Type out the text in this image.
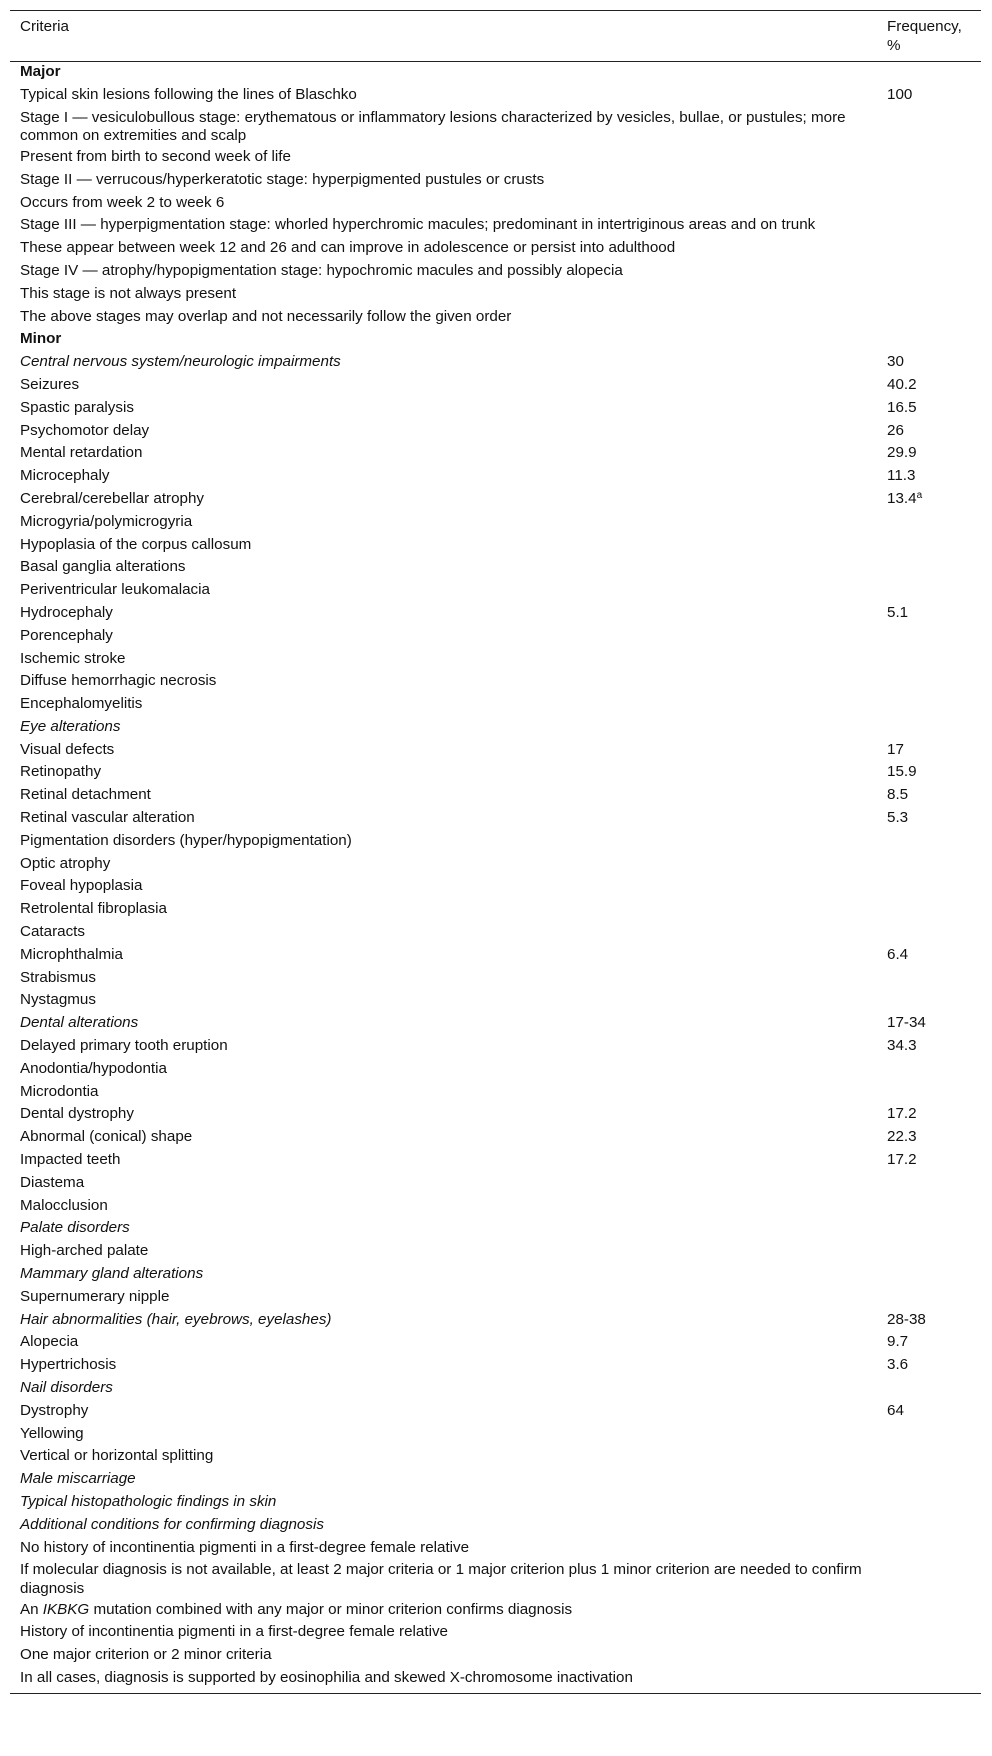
Criteria	Frequency, %
Major	
Typical skin lesions following the lines of Blaschko	100
Stage I — vesiculobullous stage: erythematous or inflammatory lesions characterized by vesicles, bullae, or pustules; more common on extremities and scalp	
Present from birth to second week of life	
Stage II — verrucous/hyperkeratotic stage: hyperpigmented pustules or crusts	
Occurs from week 2 to week 6	
Stage III — hyperpigmentation stage: whorled hyperchromic macules; predominant in intertriginous areas and on trunk	
These appear between week 12 and 26 and can improve in adolescence or persist into adulthood	
Stage IV — atrophy/hypopigmentation stage: hypochromic macules and possibly alopecia	
This stage is not always present	
The above stages may overlap and not necessarily follow the given order	
Minor	
Central nervous system/neurologic impairments	30
Seizures	40.2
Spastic paralysis	16.5
Psychomotor delay	26
Mental retardation	29.9
Microcephaly	11.3
Cerebral/cerebellar atrophy	13.4$^a$
Microgyria/polymicrogyria	
Hypoplasia of the corpus callosum	
Basal ganglia alterations	
Periventricular leukomalacia	
Hydrocephaly	5.1
Porencephaly	
Ischemic stroke	
Diffuse hemorrhagic necrosis	
Encephalomyelitis	
Eye alterations	
Visual defects	17
Retinopathy	15.9
Retinal detachment	8.5
Retinal vascular alteration	5.3
Pigmentation disorders (hyper/hypopigmentation)	
Optic atrophy	
Foveal hypoplasia	
Retrolental fibroplasia	
Cataracts	
Microphthalmia	6.4
Strabismus	
Nystagmus	
Dental alterations	17-34
Delayed primary tooth eruption	34.3
Anodontia/hypodontia	
Microdontia	
Dental dystrophy	17.2
Abnormal (conical) shape	22.3
Impacted teeth	17.2
Diastema	
Malocclusion	
Palate disorders	
High-arched palate	
Mammary gland alterations	
Supernumerary nipple	
Hair abnormalities (hair, eyebrows, eyelashes)	28-38
Alopecia	9.7
Hypertrichosis	3.6
Nail disorders	
Dystrophy	64
Yellowing	
Vertical or horizontal splitting	
Male miscarriage	
Typical histopathologic findings in skin	
Additional conditions for confirming diagnosis	
No history of incontinentia pigmenti in a first-degree female relative	
If molecular diagnosis is not available, at least 2 major criteria or 1 major criterion plus 1 minor criterion are needed to confirm diagnosis	
An IKBKG mutation combined with any major or minor criterion confirms diagnosis	
History of incontinentia pigmenti in a first-degree female relative	
One major criterion or 2 minor criteria	
In all cases, diagnosis is supported by eosinophilia and skewed X-chromosome inactivation	
